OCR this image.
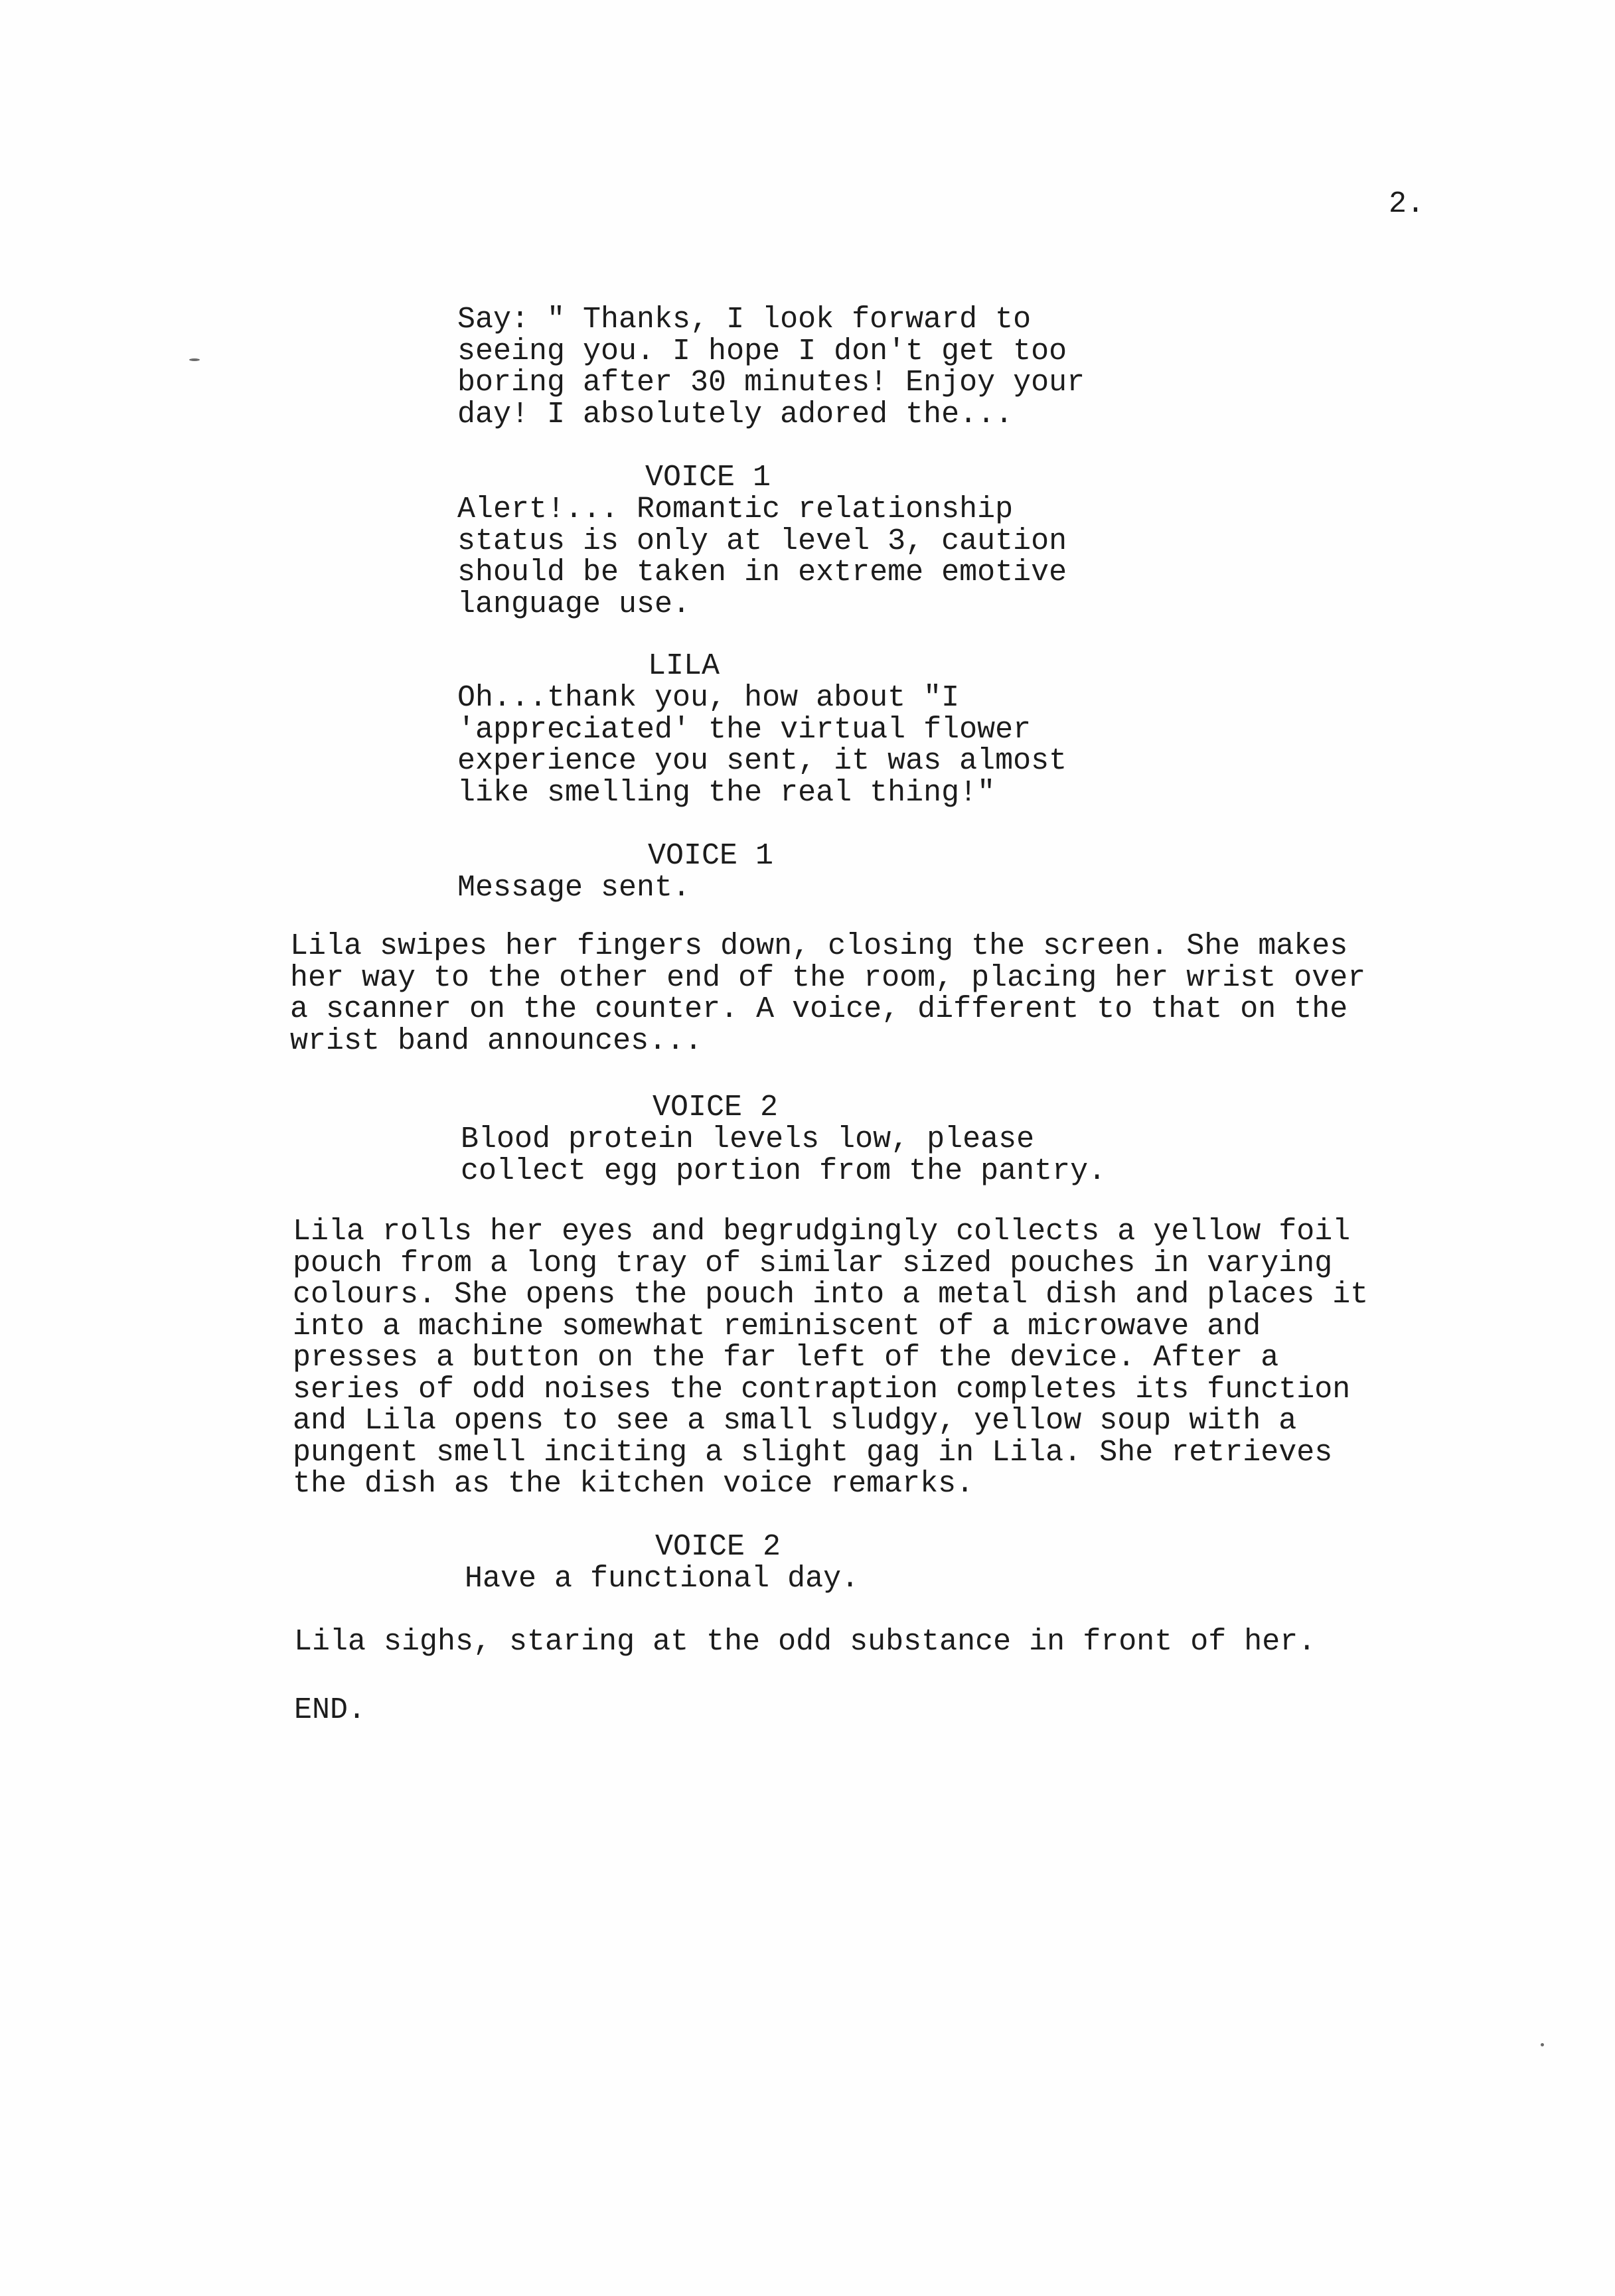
2.

Say: " Thanks, I look forward to
seeing you. I hope I don't get too
boring after 30 minutes! Enjoy your
day! I absolutely adored the...

VOICE 1

Alert!... Romantic relationship
status is only at level 3, caution
should be taken in extreme emotive
language use.

LILA

Oh...thank you, how about "I
'appreciated' the virtual flower
experience you sent, it was almost
like smelling the real thing!"

VOICE 1

Message sent.

Lila swipes her fingers down, closing the screen. She makes
her way to the other end of the room, placing her wrist over
a scanner on the counter. A voice, different to that on the
wrist band announces...

VOICE 2

Blood protein levels low, please
collect egg portion from the pantry.

Lila rolls her eyes and begrudgingly collects a yellow foil
pouch from a long tray of similar sized pouches in varying
colours. She opens the pouch into a metal dish and places it
into a machine somewhat reminiscent of a microwave and
presses a button on the far left of the device. After a
series of odd noises the contraption completes its function
and Lila opens to see a small sludgy, yellow soup with a
pungent smell inciting a slight gag in Lila. She retrieves
the dish as the kitchen voice remarks.

VOICE 2

Have a functional day.

Lila sighs, staring at the odd substance in front of her.

END.
